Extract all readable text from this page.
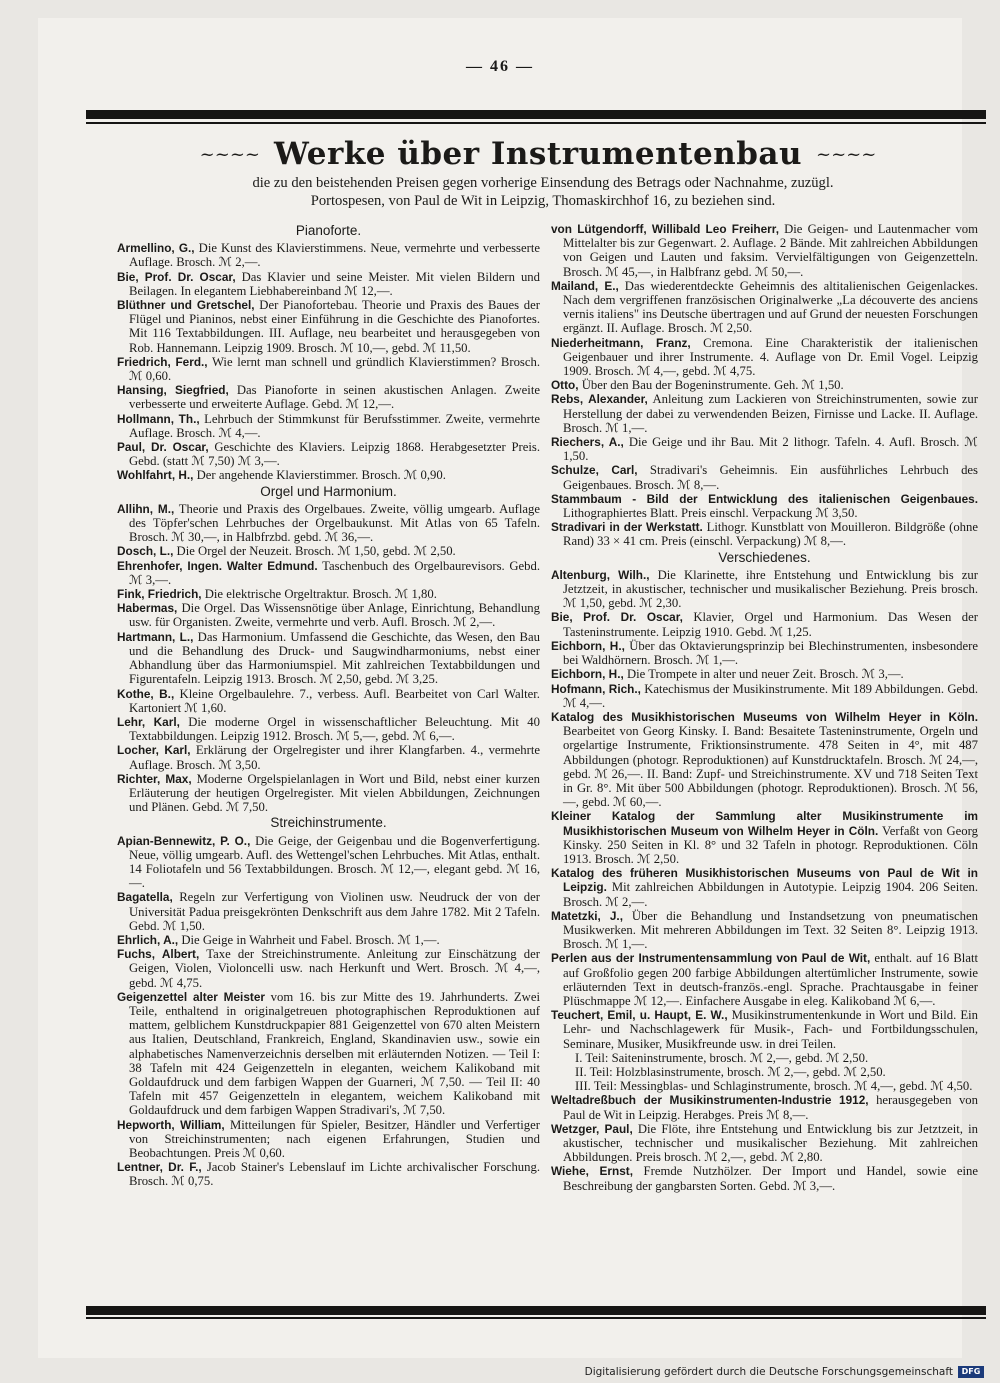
— 46 —
~~~~ Werke über Instrumentenbau ~~~~
die zu den beistehenden Preisen gegen vorherige Einsendung des Betrags oder Nachnahme, zuzügl.
Portospesen, von Paul de Wit in Leipzig, Thomaskirchhof 16, zu beziehen sind.
Pianoforte.

Armellino, G., Die Kunst des Klavierstimmens. Neue, vermehrte und verbesserte Auflage. Brosch. ℳ 2,—.

Bie, Prof. Dr. Oscar, Das Klavier und seine Meister. Mit vielen Bildern und Beilagen. In elegantem Liebhabereinband ℳ 12,—.

Blüthner und Gretschel, Der Pianofortebau. Theorie und Praxis des Baues der Flügel und Pianinos, nebst einer Einführung in die Geschichte des Pianofortes. Mit 116 Textabbildungen. III. Auflage, neu bearbeitet und herausgegeben von Rob. Hannemann. Leipzig 1909. Brosch. ℳ 10,—, gebd. ℳ 11,50.

Friedrich, Ferd., Wie lernt man schnell und gründlich Klavierstimmen? Brosch. ℳ 0,60.

Hansing, Siegfried, Das Pianoforte in seinen akustischen Anlagen. Zweite verbesserte und erweiterte Auflage. Gebd. ℳ 12,—.

Hollmann, Th., Lehrbuch der Stimmkunst für Berufsstimmer. Zweite, vermehrte Auflage. Brosch. ℳ 4,—.

Paul, Dr. Oscar, Geschichte des Klaviers. Leipzig 1868. Herabgesetzter Preis. Gebd. (statt ℳ 7,50) ℳ 3,—.

Wohlfahrt, H., Der angehende Klavierstimmer. Brosch. ℳ 0,90.

Orgel und Harmonium.

Allihn, M., Theorie und Praxis des Orgelbaues. Zweite, völlig umgearb. Auflage des Töpfer'schen Lehrbuches der Orgelbaukunst. Mit Atlas von 65 Tafeln. Brosch. ℳ 30,—, in Halbfrzbd. gebd. ℳ 36,—.

Dosch, L., Die Orgel der Neuzeit. Brosch. ℳ 1,50, gebd. ℳ 2,50.

Ehrenhofer, Ingen. Walter Edmund. Taschenbuch des Orgelbaurevisors. Gebd. ℳ 3,—.

Fink, Friedrich, Die elektrische Orgeltraktur. Brosch. ℳ 1,80.

Habermas, Die Orgel. Das Wissensnötige über Anlage, Einrichtung, Behandlung usw. für Organisten. Zweite, vermehrte und verb. Aufl. Brosch. ℳ 2,—.

Hartmann, L., Das Harmonium. Umfassend die Geschichte, das Wesen, den Bau und die Behandlung des Druck- und Saugwindharmoniums, nebst einer Abhandlung über das Harmoniumspiel. Mit zahlreichen Textabbildungen und Figurentafeln. Leipzig 1913. Brosch. ℳ 2,50, gebd. ℳ 3,25.

Kothe, B., Kleine Orgelbaulehre. 7., verbess. Aufl. Bearbeitet von Carl Walter. Kartoniert ℳ 1,60.

Lehr, Karl, Die moderne Orgel in wissenschaftlicher Beleuchtung. Mit 40 Textabbildungen. Leipzig 1912. Brosch. ℳ 5,—, gebd. ℳ 6,—.

Locher, Karl, Erklärung der Orgelregister und ihrer Klangfarben. 4., vermehrte Auflage. Brosch. ℳ 3,50.

Richter, Max, Moderne Orgelspielanlagen in Wort und Bild, nebst einer kurzen Erläuterung der heutigen Orgelregister. Mit vielen Abbildungen, Zeichnungen und Plänen. Gebd. ℳ 7,50.

Streichinstrumente.

Apian-Bennewitz, P. O., Die Geige, der Geigenbau und die Bogenverfertigung. Neue, völlig umgearb. Aufl. des Wettengel'schen Lehrbuches. Mit Atlas, enthalt. 14 Foliotafeln und 56 Textabbildungen. Brosch. ℳ 12,—, elegant gebd. ℳ 16,—.

Bagatella, Regeln zur Verfertigung von Violinen usw. Neudruck der von der Universität Padua preisgekrönten Denkschrift aus dem Jahre 1782. Mit 2 Tafeln. Gebd. ℳ 1,50.

Ehrlich, A., Die Geige in Wahrheit und Fabel. Brosch. ℳ 1,—.

Fuchs, Albert, Taxe der Streichinstrumente. Anleitung zur Einschätzung der Geigen, Violen, Violoncelli usw. nach Herkunft und Wert. Brosch. ℳ 4,—, gebd. ℳ 4,75.

Geigenzettel alter Meister vom 16. bis zur Mitte des 19. Jahrhunderts. Zwei Teile, enthaltend in originalgetreuen photographischen Reproduktionen auf mattem, gelblichem Kunstdruckpapier 881 Geigenzettel von 670 alten Meistern aus Italien, Deutschland, Frankreich, England, Skandinavien usw., sowie ein alphabetisches Namenverzeichnis derselben mit erläuternden Notizen. — Teil I: 38 Tafeln mit 424 Geigenzetteln in eleganten, weichem Kalikoband mit Goldaufdruck und dem farbigen Wappen der Guarneri, ℳ 7,50. — Teil II: 40 Tafeln mit 457 Geigenzetteln in elegantem, weichem Kalikoband mit Goldaufdruck und dem farbigen Wappen Stradivari's, ℳ 7,50.

Hepworth, William, Mitteilungen für Spieler, Besitzer, Händler und Verfertiger von Streichinstrumenten; nach eigenen Erfahrungen, Studien und Beobachtungen. Preis ℳ 0,60.

Lentner, Dr. F., Jacob Stainer's Lebenslauf im Lichte archivalischer Forschung. Brosch. ℳ 0,75.

von Lütgendorff, Willibald Leo Freiherr, Die Geigen- und Lautenmacher vom Mittelalter bis zur Gegenwart. 2. Auflage. 2 Bände. Mit zahlreichen Abbildungen von Geigen und Lauten und faksim. Vervielfältigungen von Geigenzetteln. Brosch. ℳ 45,—, in Halbfranz gebd. ℳ 50,—.

Mailand, E., Das wiederentdeckte Geheimnis des altitalienischen Geigenlackes. Nach dem vergriffenen französischen Originalwerke „La découverte des anciens vernis italiens" ins Deutsche übertragen und auf Grund der neuesten Forschungen ergänzt. II. Auflage. Brosch. ℳ 2,50.

Niederheitmann, Franz, Cremona. Eine Charakteristik der italienischen Geigenbauer und ihrer Instrumente. 4. Auflage von Dr. Emil Vogel. Leipzig 1909. Brosch. ℳ 4,—, gebd. ℳ 4,75.

Otto, Über den Bau der Bogeninstrumente. Geh. ℳ 1,50.

Rebs, Alexander, Anleitung zum Lackieren von Streichinstrumenten, sowie zur Herstellung der dabei zu verwendenden Beizen, Firnisse und Lacke. II. Auflage. Brosch. ℳ 1,—.

Riechers, A., Die Geige und ihr Bau. Mit 2 lithogr. Tafeln. 4. Aufl. Brosch. ℳ 1,50.

Schulze, Carl, Stradivari's Geheimnis. Ein ausführliches Lehrbuch des Geigenbaues. Brosch. ℳ 8,—.

Stammbaum - Bild der Entwicklung des italienischen Geigenbaues. Lithographiertes Blatt. Preis einschl. Verpackung ℳ 3,50.

Stradivari in der Werkstatt. Lithogr. Kunstblatt von Mouilleron. Bildgröße (ohne Rand) 33 × 41 cm. Preis (einschl. Verpackung) ℳ 8,—.

Verschiedenes.

Altenburg, Wilh., Die Klarinette, ihre Entstehung und Entwicklung bis zur Jetztzeit, in akustischer, technischer und musikalischer Beziehung. Preis brosch. ℳ 1,50, gebd. ℳ 2,30.

Bie, Prof. Dr. Oscar, Klavier, Orgel und Harmonium. Das Wesen der Tasteninstrumente. Leipzig 1910. Gebd. ℳ 1,25.

Eichborn, H., Über das Oktavierungsprinzip bei Blechinstrumenten, insbesondere bei Waldhörnern. Brosch. ℳ 1,—.

Eichborn, H., Die Trompete in alter und neuer Zeit. Brosch. ℳ 3,—.

Hofmann, Rich., Katechismus der Musikinstrumente. Mit 189 Abbildungen. Gebd. ℳ 4,—.

Katalog des Musikhistorischen Museums von Wilhelm Heyer in Köln. Bearbeitet von Georg Kinsky. I. Band: Besaitete Tasteninstrumente, Orgeln und orgelartige Instrumente, Friktionsinstrumente. 478 Seiten in 4°, mit 487 Abbildungen (photogr. Reproduktionen) auf Kunstdrucktafeln. Brosch. ℳ 24,—, gebd. ℳ 26,—. II. Band: Zupf- und Streichinstrumente. XV und 718 Seiten Text in Gr. 8°. Mit über 500 Abbildungen (photogr. Reproduktionen). Brosch. ℳ 56,—, gebd. ℳ 60,—.

Kleiner Katalog der Sammlung alter Musikinstrumente im Musikhistorischen Museum von Wilhelm Heyer in Cöln. Verfaßt von Georg Kinsky. 250 Seiten in Kl. 8° und 32 Tafeln in photogr. Reproduktionen. Cöln 1913. Brosch. ℳ 2,50.

Katalog des früheren Musikhistorischen Museums von Paul de Wit in Leipzig. Mit zahlreichen Abbildungen in Autotypie. Leipzig 1904. 206 Seiten. Brosch. ℳ 2,—.

Matetzki, J., Über die Behandlung und Instandsetzung von pneumatischen Musikwerken. Mit mehreren Abbildungen im Text. 32 Seiten 8°. Leipzig 1913. Brosch. ℳ 1,—.

Perlen aus der Instrumentensammlung von Paul de Wit, enthalt. auf 16 Blatt auf Großfolio gegen 200 farbige Abbildungen altertümlicher Instrumente, sowie erläuternden Text in deutsch-französ.-engl. Sprache. Prachtausgabe in feiner Plüschmappe ℳ 12,—. Einfachere Ausgabe in eleg. Kalikoband ℳ 6,—.

Teuchert, Emil, u. Haupt, E. W., Musikinstrumentenkunde in Wort und Bild. Ein Lehr- und Nachschlagewerk für Musik-, Fach- und Fortbildungsschulen, Seminare, Musiker, Musikfreunde usw. in drei Teilen.

I. Teil: Saiteninstrumente, brosch. ℳ 2,—, gebd. ℳ 2,50.

II. Teil: Holzblasinstrumente, brosch. ℳ 2,—, gebd. ℳ 2,50.

III. Teil: Messingblas- und Schlaginstrumente, brosch. ℳ 4,—, gebd. ℳ 4,50.

Weltadreßbuch der Musikinstrumenten-Industrie 1912, herausgegeben von Paul de Wit in Leipzig. Herabges. Preis ℳ 8,—.

Wetzger, Paul, Die Flöte, ihre Entstehung und Entwicklung bis zur Jetztzeit, in akustischer, technischer und musikalischer Beziehung. Mit zahlreichen Abbildungen. Preis brosch. ℳ 2,—, gebd. ℳ 2,80.

Wiehe, Ernst, Fremde Nutzhölzer. Der Import und Handel, sowie eine Beschreibung der gangbarsten Sorten. Gebd. ℳ 3,—.

Digitalisierung gefördert durch die Deutsche Forschungsgemeinschaft	DFG
